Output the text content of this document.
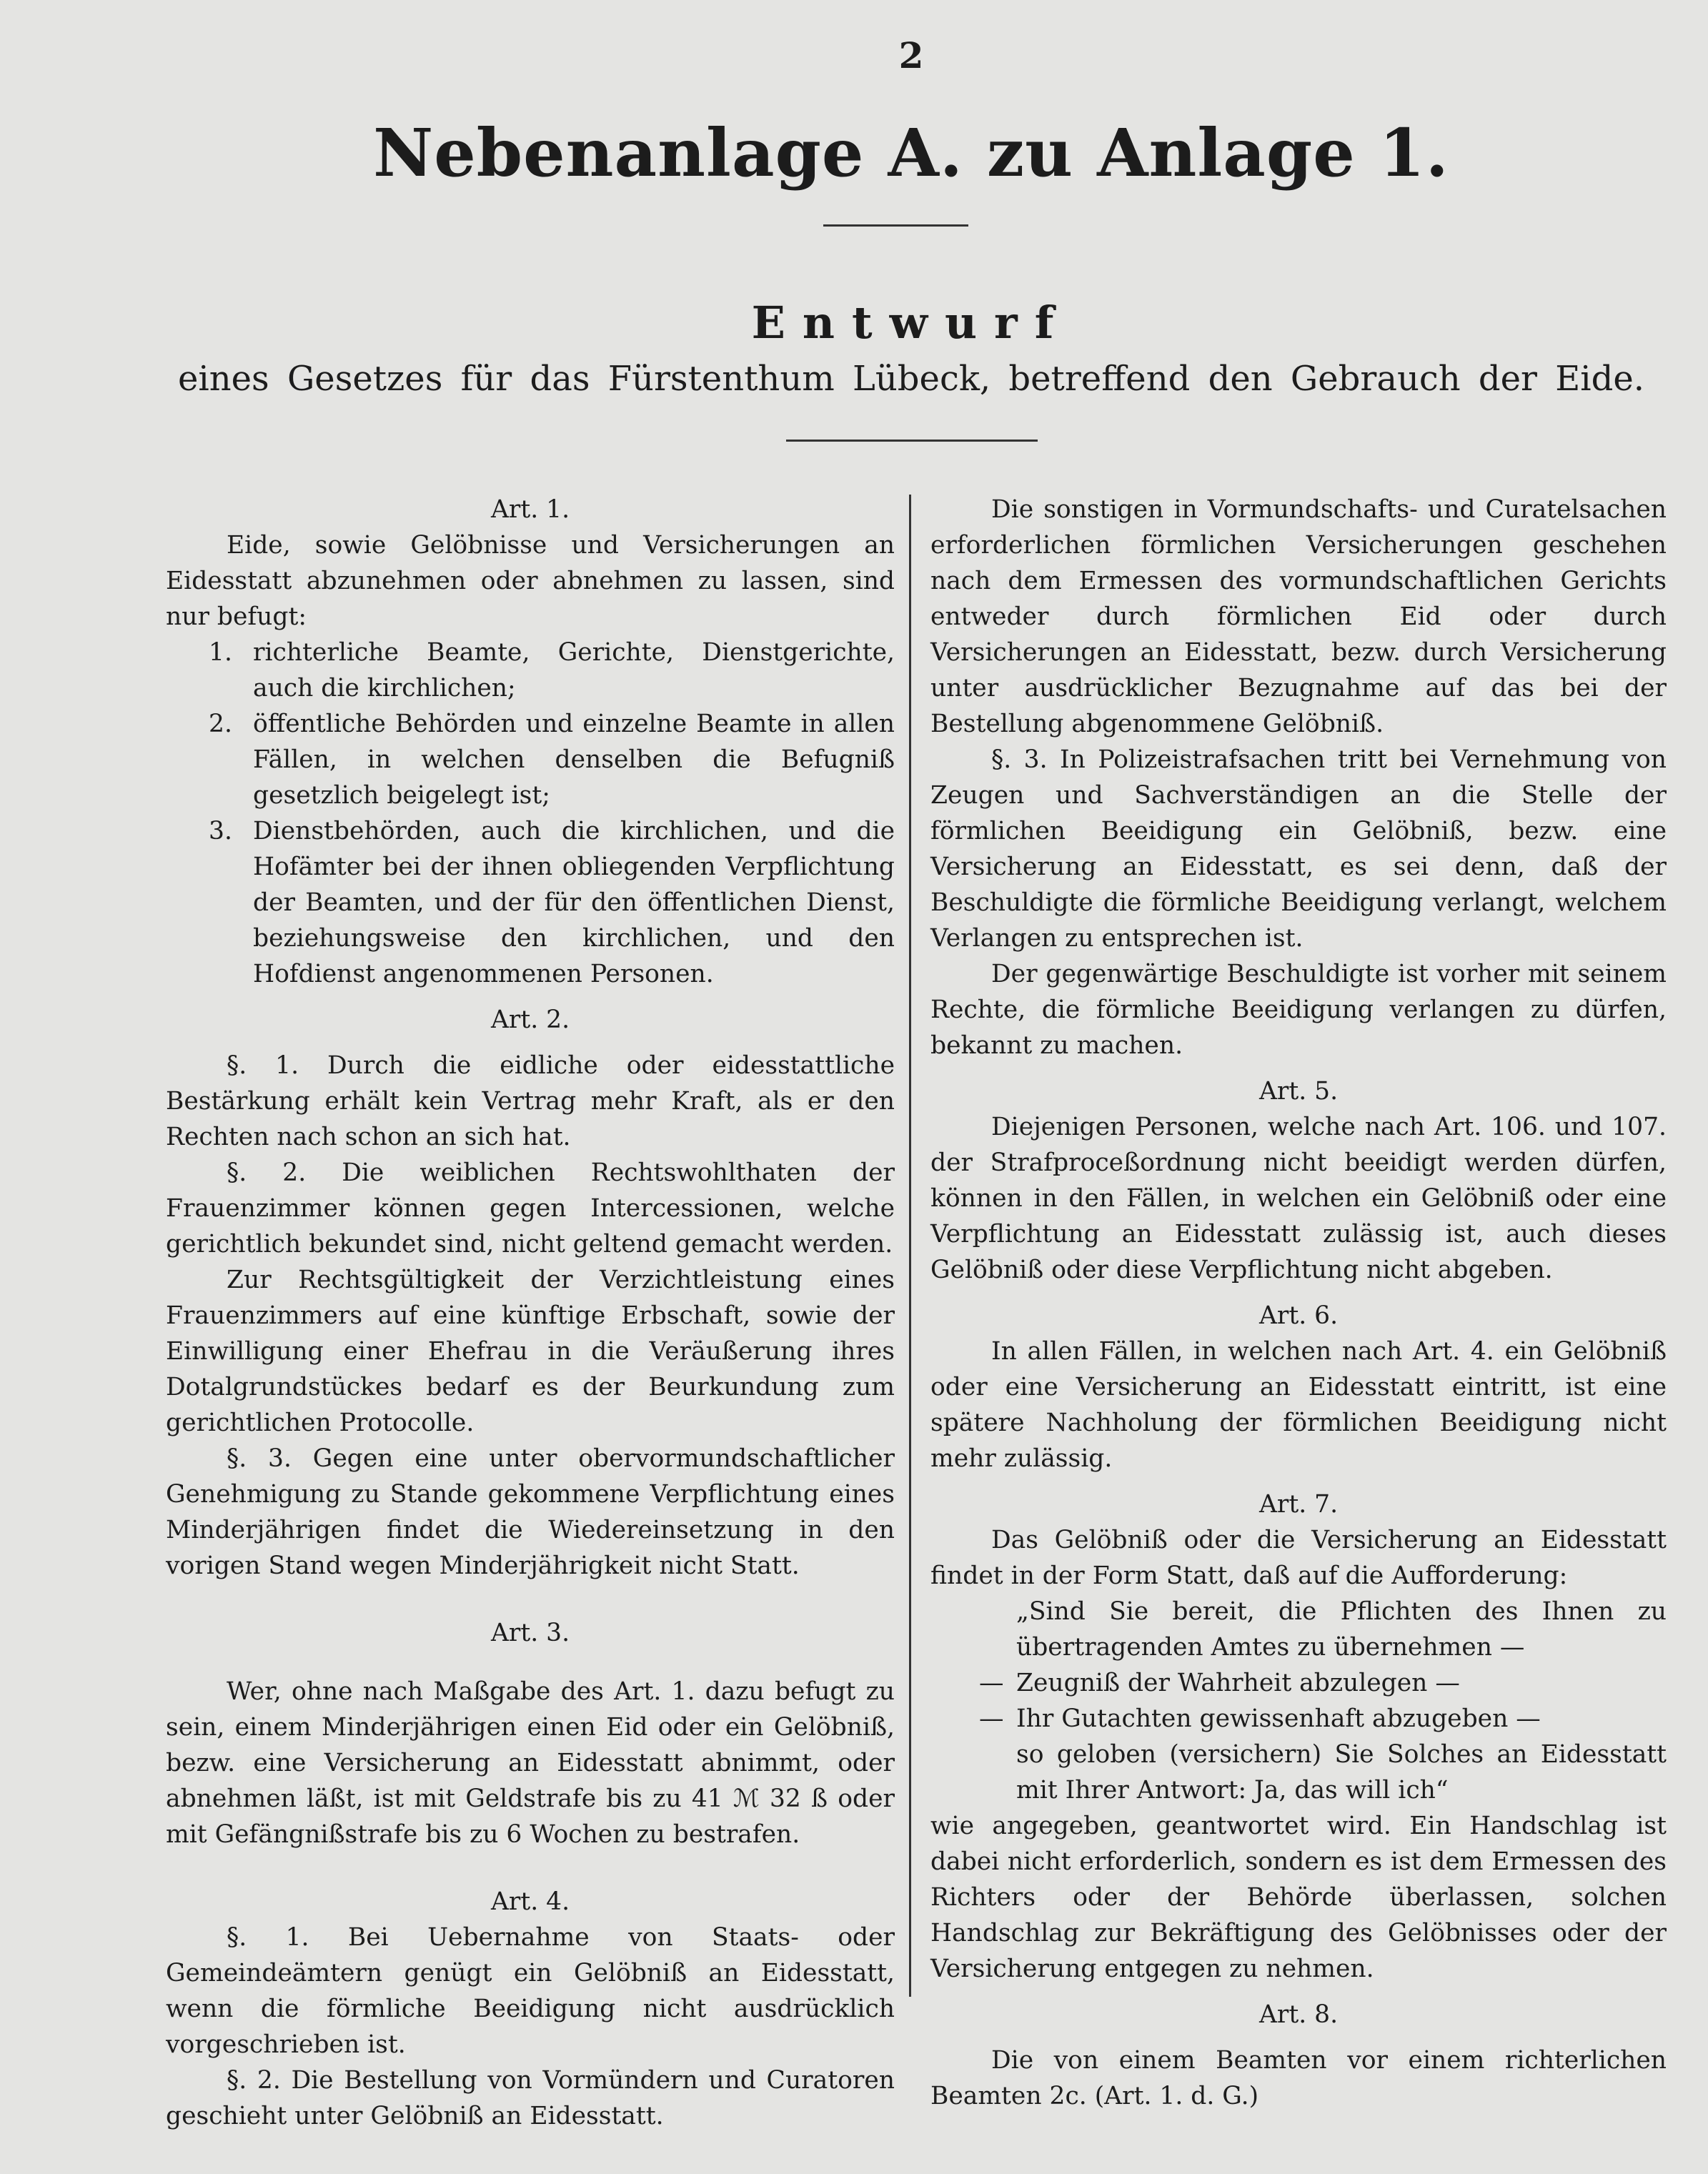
2
Nebenanlage A. zu Anlage 1.
Entwurf
eines Gesetzes für das Fürstenthum Lübeck, betreffend den Gebrauch der Eide.

Art. 1.

Eide, sowie Gelöbnisse und Versicherungen an Eidesstatt abzunehmen oder abnehmen zu lassen, sind nur befugt:

1. richterliche Beamte, Gerichte, Dienstgerichte, auch die kirchlichen;

2. öffentliche Behörden und einzelne Beamte in allen Fällen, in welchen denselben die Befugniß gesetzlich beigelegt ist;

3. Dienstbehörden, auch die kirchlichen, und die Hofämter bei der ihnen obliegenden Verpflichtung der Beamten, und der für den öffentlichen Dienst, beziehungsweise den kirchlichen, und den Hofdienst angenommenen Personen.

Art. 2.

§. 1. Durch die eidliche oder eidesstattliche Bestärkung erhält kein Vertrag mehr Kraft, als er den Rechten nach schon an sich hat.

§. 2. Die weiblichen Rechtswohlthaten der Frauenzimmer können gegen Intercessionen, welche gerichtlich bekundet sind, nicht geltend gemacht werden.

Zur Rechtsgültigkeit der Verzichtleistung eines Frauenzimmers auf eine künftige Erbschaft, sowie der Einwilligung einer Ehefrau in die Veräußerung ihres Dotalgrundstückes bedarf es der Beurkundung zum gerichtlichen Protocolle.

§. 3. Gegen eine unter obervormundschaftlicher Genehmigung zu Stande gekommene Verpflichtung eines Minderjährigen findet die Wiedereinsetzung in den vorigen Stand wegen Minderjährigkeit nicht Statt.

Art. 3.

Wer, ohne nach Maßgabe des Art. 1. dazu befugt zu sein, einem Minderjährigen einen Eid oder ein Gelöbniß, bezw. eine Versicherung an Eidesstatt abnimmt, oder abnehmen läßt, ist mit Geldstrafe bis zu 41 ℳ 32 ß oder mit Gefängnißstrafe bis zu 6 Wochen zu bestrafen.

Art. 4.

§. 1. Bei Uebernahme von Staats- oder Gemeindeämtern genügt ein Gelöbniß an Eidesstatt, wenn die förmliche Beeidigung nicht ausdrücklich vorgeschrieben ist.

§. 2. Die Bestellung von Vormündern und Curatoren geschieht unter Gelöbniß an Eidesstatt.

Die sonstigen in Vormundschafts- und Curatelsachen erforderlichen förmlichen Versicherungen geschehen nach dem Ermessen des vormundschaftlichen Gerichts entweder durch förmlichen Eid oder durch Versicherungen an Eidesstatt, bezw. durch Versicherung unter ausdrücklicher Bezugnahme auf das bei der Bestellung abgenommene Gelöbniß.

§. 3. In Polizeistrafsachen tritt bei Vernehmung von Zeugen und Sachverständigen an die Stelle der förmlichen Beeidigung ein Gelöbniß, bezw. eine Versicherung an Eidesstatt, es sei denn, daß der Beschuldigte die förmliche Beeidigung verlangt, welchem Verlangen zu entsprechen ist.

Der gegenwärtige Beschuldigte ist vorher mit seinem Rechte, die förmliche Beeidigung verlangen zu dürfen, bekannt zu machen.

Art. 5.

Diejenigen Personen, welche nach Art. 106. und 107. der Strafproceßordnung nicht beeidigt werden dürfen, können in den Fällen, in welchen ein Gelöbniß oder eine Verpflichtung an Eidesstatt zulässig ist, auch dieses Gelöbniß oder diese Verpflichtung nicht abgeben.

Art. 6.

In allen Fällen, in welchen nach Art. 4. ein Gelöbniß oder eine Versicherung an Eidesstatt eintritt, ist eine spätere Nachholung der förmlichen Beeidigung nicht mehr zulässig.

Art. 7.

Das Gelöbniß oder die Versicherung an Eidesstatt findet in der Form Statt, daß auf die Aufforderung:

„Sind Sie bereit, die Pflichten des Ihnen zu übertragenden Amtes zu übernehmen —

— Zeugniß der Wahrheit abzulegen —

— Ihr Gutachten gewissenhaft abzugeben —

so geloben (versichern) Sie Solches an Eidesstatt mit Ihrer Antwort: Ja, das will ich“

wie angegeben, geantwortet wird. Ein Handschlag ist dabei nicht erforderlich, sondern es ist dem Ermessen des Richters oder der Behörde überlassen, solchen Handschlag zur Bekräftigung des Gelöbnisses oder der Versicherung entgegen zu nehmen.

Art. 8.

Die von einem Beamten vor einem richterlichen Beamten 2c. (Art. 1. d. G.)
